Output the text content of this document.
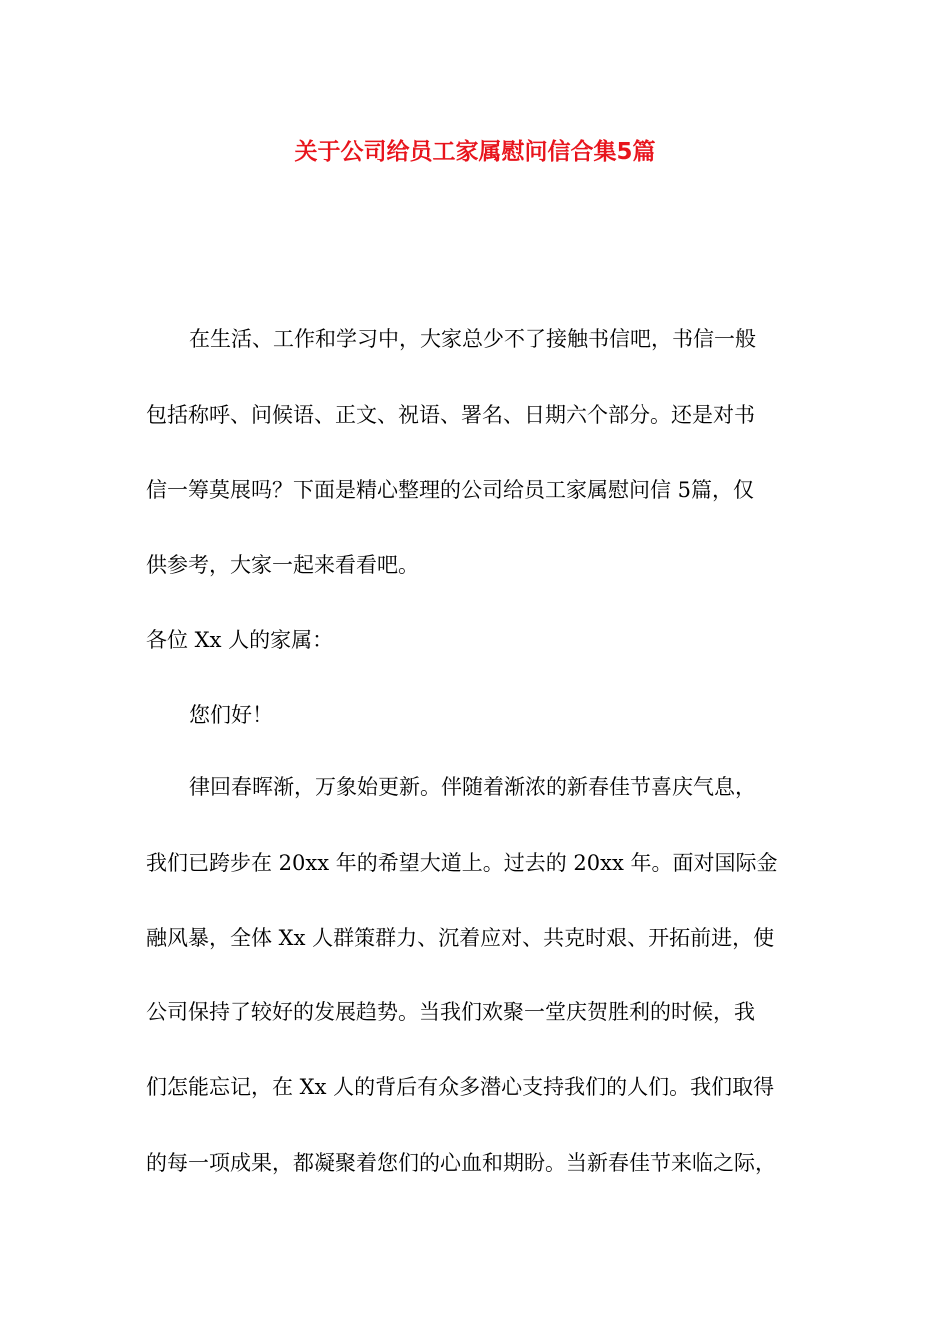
关于公司给员工家属慰问信合集5篇

在生活、工作和学习中，大家总少不了接触书信吧，书信一般

包括称呼、问候语、正文、祝语、署名、日期六个部分。还是对书

信一筹莫展吗？下面是精心整理的公司给员工家属慰问信 5篇，仅

供参考，大家一起来看看吧。

各位 Xx 人的家属：

您们好！

律回春晖渐，万象始更新。伴随着渐浓的新春佳节喜庆气息，

我们已跨步在 20xx 年的希望大道上。过去的 20xx 年。面对国际金

融风暴，全体 Xx 人群策群力、沉着应对、共克时艰、开拓前进，使

公司保持了较好的发展趋势。当我们欢聚一堂庆贺胜利的时候，我

们怎能忘记，在 Xx 人的背后有众多潜心支持我们的人们。我们取得

的每一项成果，都凝聚着您们的心血和期盼。当新春佳节来临之际，
